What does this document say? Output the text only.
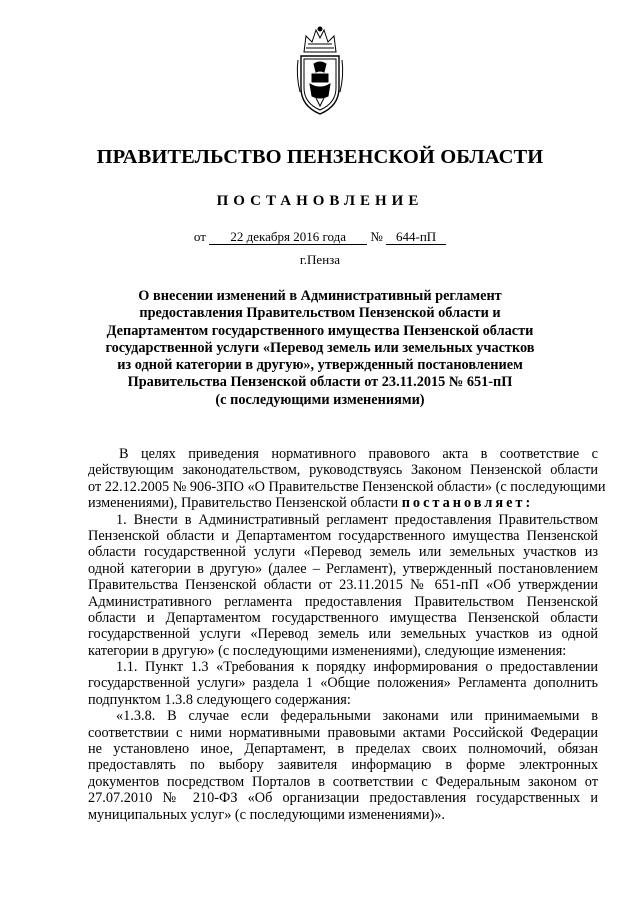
ПРАВИТЕЛЬСТВО ПЕНЗЕНСКОЙ ОБЛАСТИ
ПОСТАНОВЛЕНИЕ
от 22 декабря 2016 года № 644-пП
г.Пенза
О внесении изменений в Административный регламент
предоставления Правительством Пензенской области и
Департаментом государственного имущества Пензенской области
государственной услуги «Перевод земель или земельных участков
из одной категории в другую», утвержденный постановлением
Правительства Пензенской области от 23.11.2015 № 651-пП
(с последующими изменениями)
В целях приведения нормативного правового акта в соответствие с
действующим законодательством, руководствуясь Законом Пензенской области
от 22.12.2005 № 906-ЗПО «О Правительстве Пензенской области» (с последующими
изменениями), Правительство Пензенской области постановляет:
1. Внести в Административный регламент предоставления Правительством
Пензенской области и Департаментом государственного имущества Пензенской
области государственной услуги «Перевод земель или земельных участков из
одной категории в другую» (далее – Регламент), утвержденный постановлением
Правительства Пензенской области от 23.11.2015 № 651-пП «Об утверждении
Административного регламента предоставления Правительством Пензенской
области и Департаментом государственного имущества Пензенской области
государственной услуги «Перевод земель или земельных участков из одной
категории в другую» (с последующими изменениями), следующие изменения:
1.1. Пункт 1.3 «Требования к порядку информирования о предоставлении
государственной услуги» раздела 1 «Общие положения» Регламента дополнить
подпунктом 1.3.8 следующего содержания:
«1.3.8. В случае если федеральными законами или принимаемыми в
соответствии с ними нормативными правовыми актами Российской Федерации
не установлено иное, Департамент, в пределах своих полномочий, обязан
предоставлять по выбору заявителя информацию в форме электронных
документов посредством Порталов в соответствии с Федеральным законом от
27.07.2010 № 210-ФЗ «Об организации предоставления государственных и
муниципальных услуг» (с последующими изменениями)».
